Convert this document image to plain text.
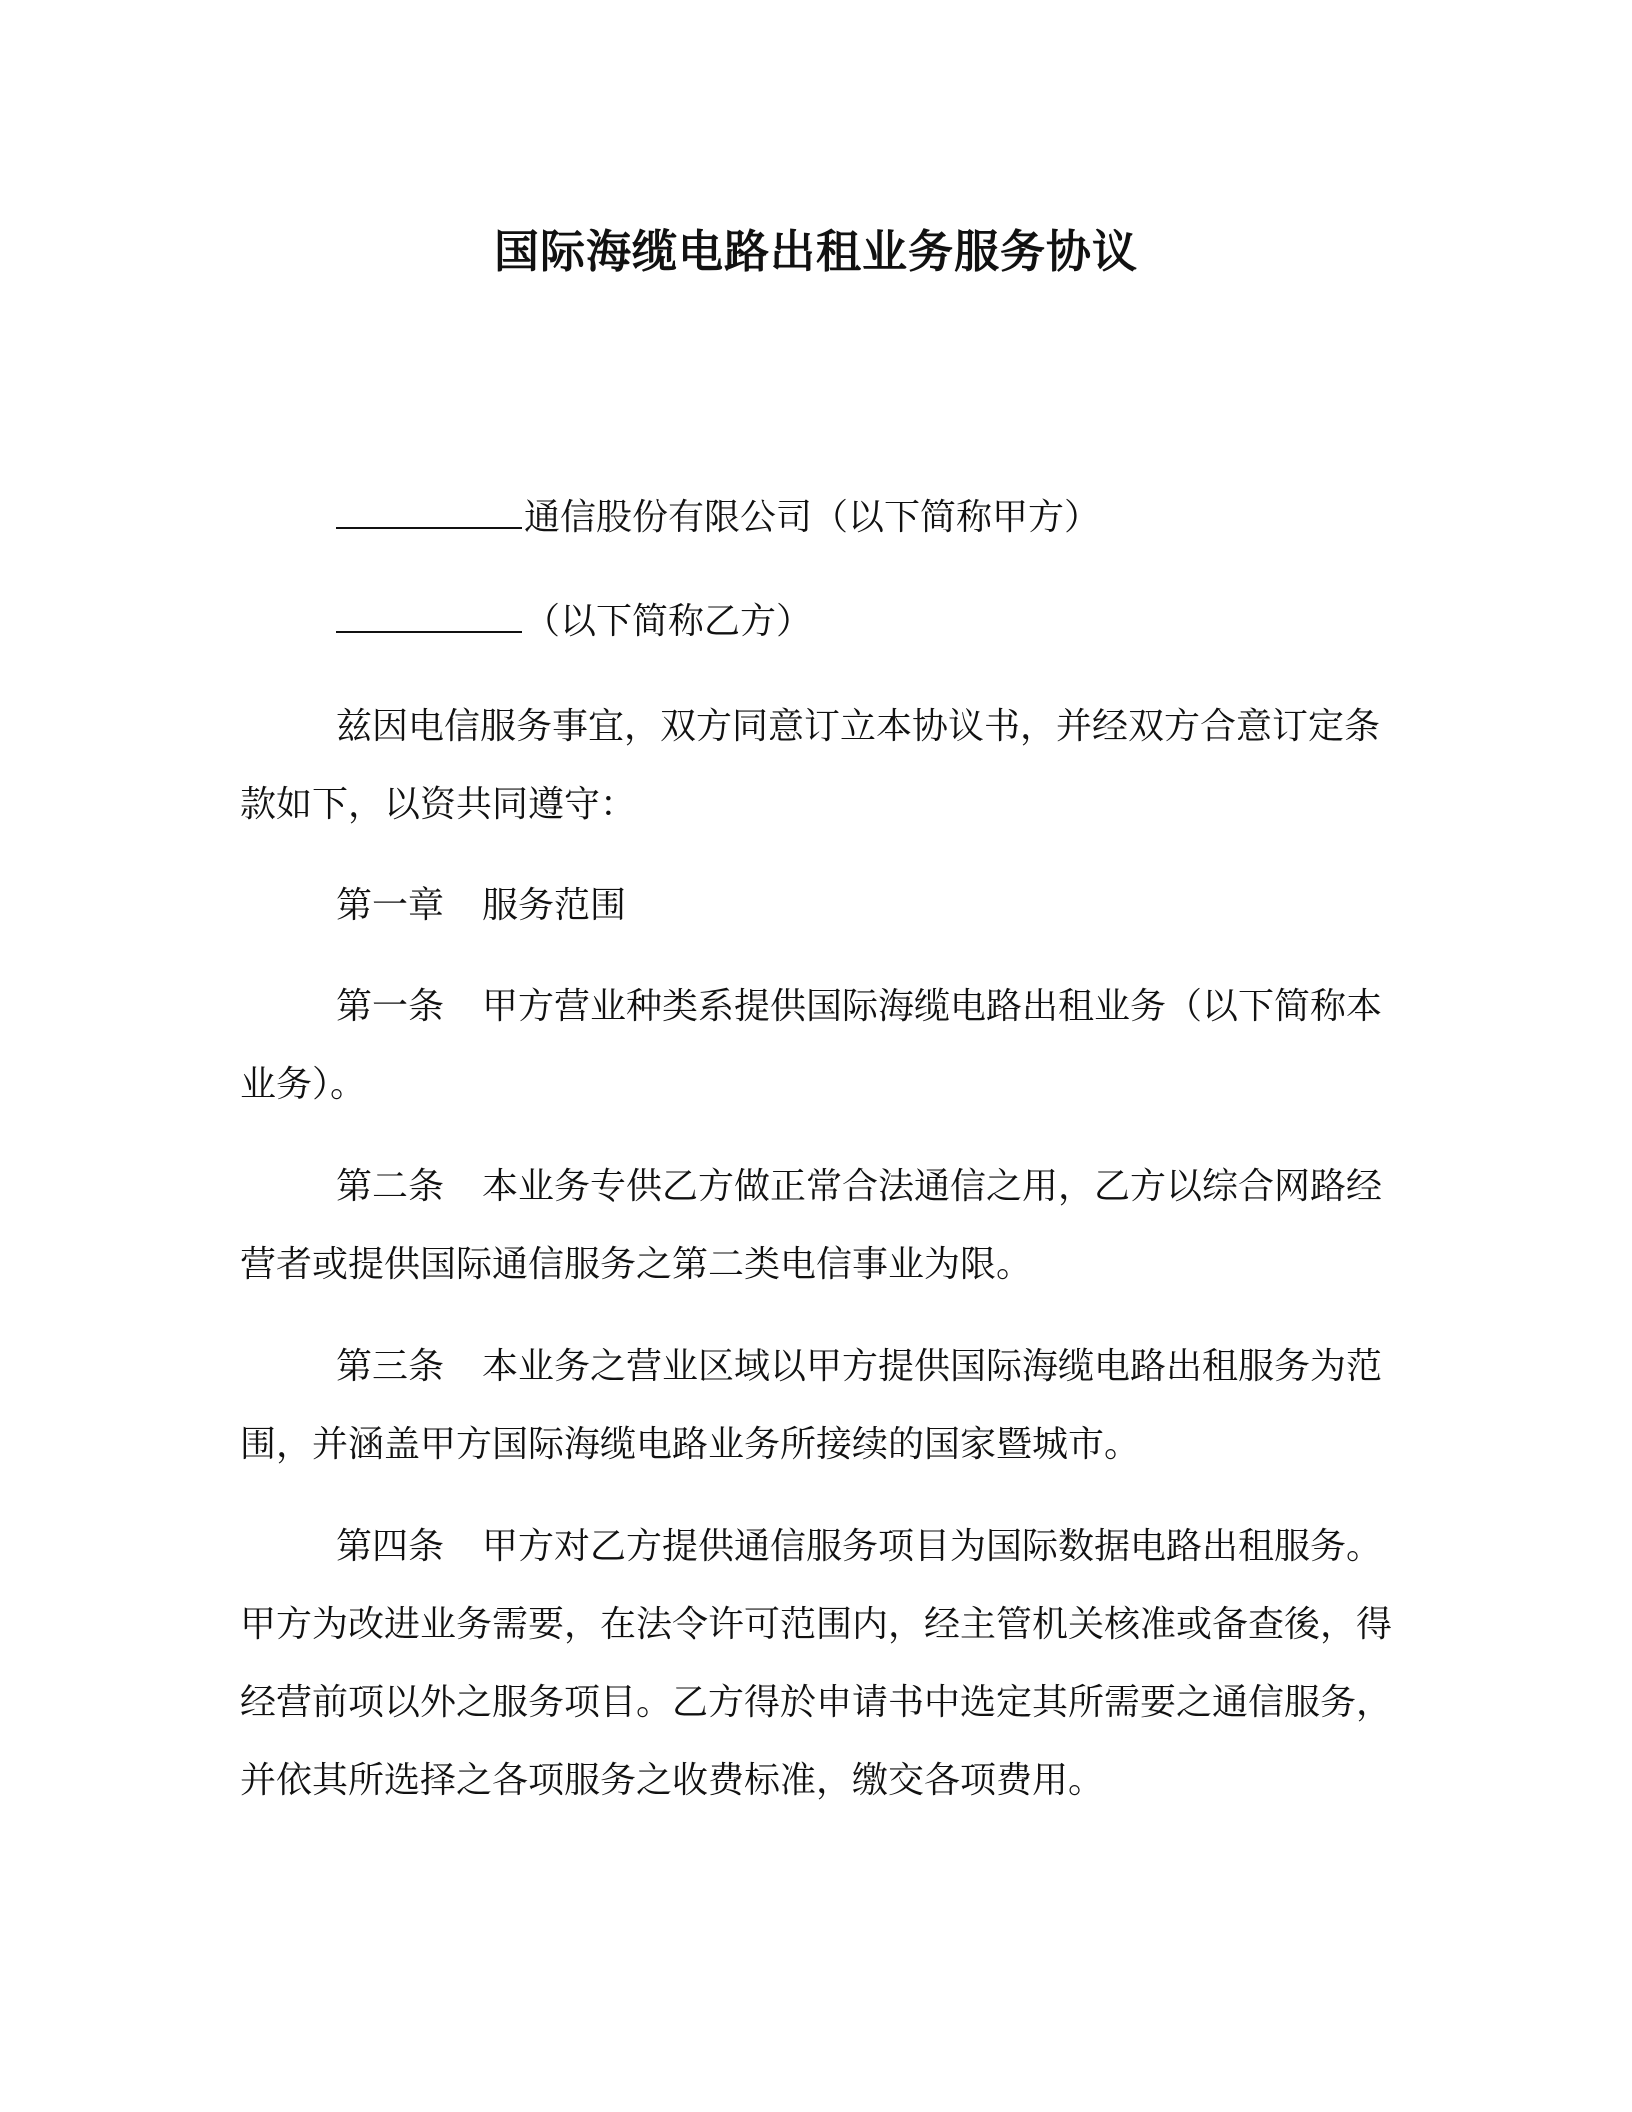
国际海缆电路出租业务服务协议
通信股份有限公司（以下简称甲方）
（以下简称乙方）

兹因电信服务事宜，双方同意订立本协议书，并经双方合意订定条款如下，以资共同遵守：

第一章 服务范围

第一条 甲方营业种类系提供国际海缆电路出租业务（以下简称本业务）。

第二条 本业务专供乙方做正常合法通信之用，乙方以综合网路经营者或提供国际通信服务之第二类电信事业为限。

第三条 本业务之营业区域以甲方提供国际海缆电路出租服务为范围，并涵盖甲方国际海缆电路业务所接续的国家暨城市。

第四条 甲方对乙方提供通信服务项目为国际数据电路出租服务。甲方为改进业务需要，在法令许可范围内，经主管机关核准或备查後，得经营前项以外之服务项目。乙方得於申请书中选定其所需要之通信服务，并依其所选择之各项服务之收费标准，缴交各项费用。
